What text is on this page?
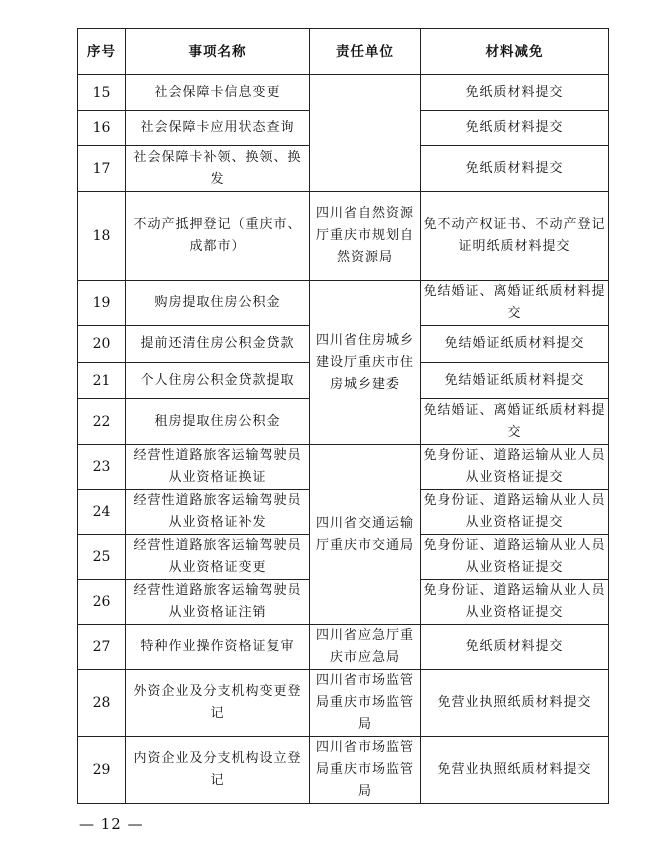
序号	事项名称	责任单位	材料减免
15	社会保障卡信息变更		免纸质材料提交
16	社会保障卡应用状态查询		免纸质材料提交
17	社会保障卡补领、换领、换发		免纸质材料提交
18	不动产抵押登记（重庆市、成都市）	四川省自然资源厅重庆市规划自然资源局	免不动产权证书、不动产登记证明纸质材料提交
19	购房提取住房公积金	四川省住房城乡建设厅重庆市住房城乡建委	免结婚证、离婚证纸质材料提交
20	提前还清住房公积金贷款		免结婚证纸质材料提交
21	个人住房公积金贷款提取		免结婚证纸质材料提交
22	租房提取住房公积金		免结婚证、离婚证纸质材料提交
23	经营性道路旅客运输驾驶员从业资格证换证	四川省交通运输厅重庆市交通局	免身份证、道路运输从业人员从业资格证提交
24	经营性道路旅客运输驾驶员从业资格证补发		免身份证、道路运输从业人员从业资格证提交
25	经营性道路旅客运输驾驶员从业资格证变更		免身份证、道路运输从业人员从业资格证提交
26	经营性道路旅客运输驾驶员从业资格证注销		免身份证、道路运输从业人员从业资格证提交
27	特种作业操作资格证复审	四川省应急厅重庆市应急局	免纸质材料提交
28	外资企业及分支机构变更登记	四川省市场监管局重庆市场监管局	免营业执照纸质材料提交
29	内资企业及分支机构设立登记	四川省市场监管局重庆市场监管局	免营业执照纸质材料提交
— 12 —
